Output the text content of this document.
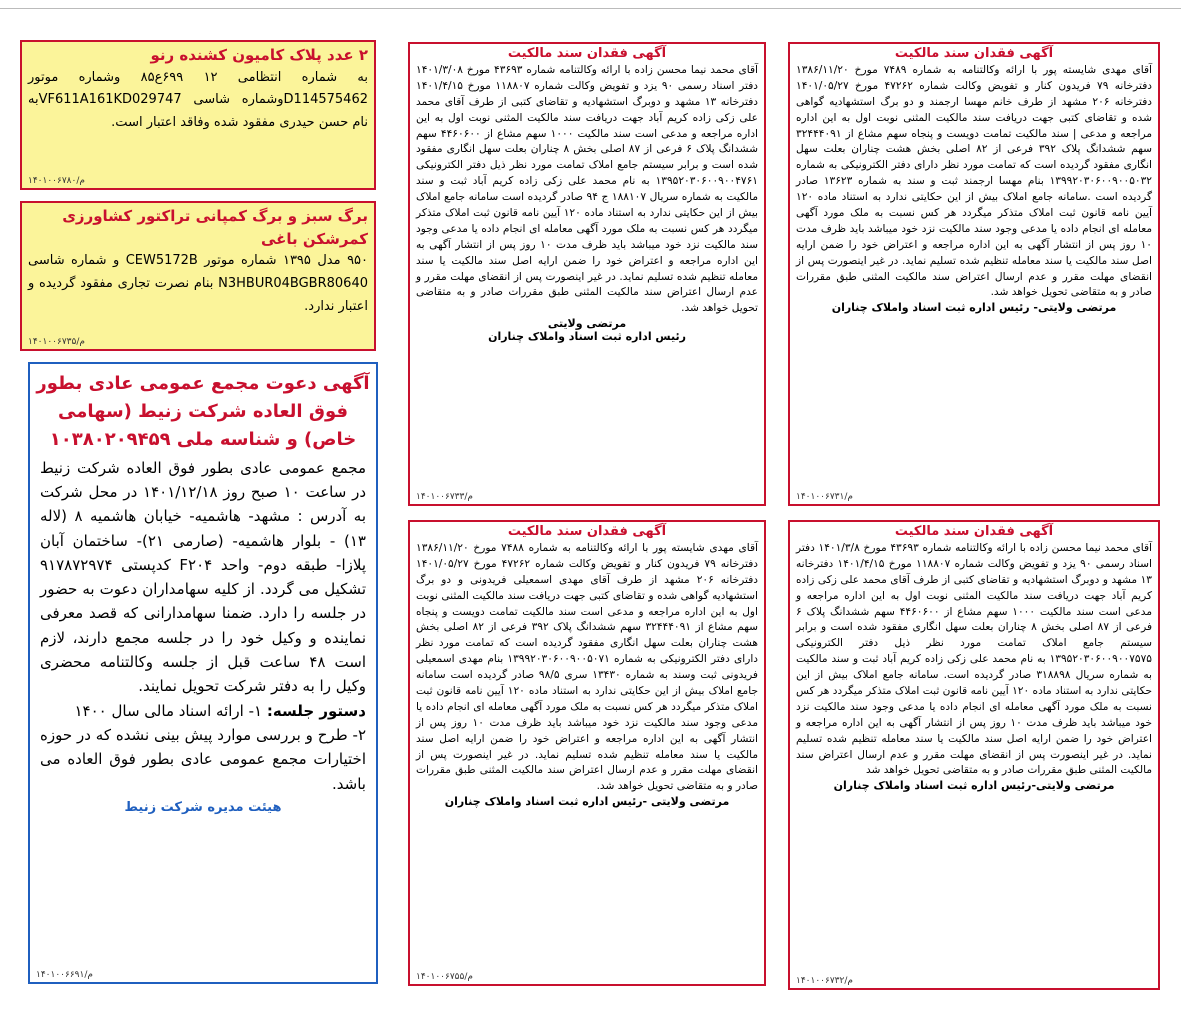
۲ عدد پلاک کامیون کشنده رنو
به شماره انتظامی ۱۲ ۶۹۹ع۸۵ وشماره موتور D114575462وشماره شاسی VF611A161KD029747به نام حسن حیدری مفقود شده وفاقد اعتبار است.
۱۴۰۱۰۰۶۷۸۰/م
برگ سبز و برگ کمپانی تراکتور کشاورزی کمرشکن باغی
۹۵۰ مدل ۱۳۹۵ شماره موتور CEW5172B و شماره شاسی N3HBUR04BGBR80640 بنام نصرت تجاری مفقود گردیده و اعتبار ندارد.
۱۴۰۱۰۰۶۷۳۵/م
آگهی دعوت مجمع عمومی عادی بطور فوق العاده شرکت زنیط (سهامی خاص) و شناسه ملی ۱۰۳۸۰۲۰۹۴۵۹
مجمع عمومی عادی بطور فوق العاده شرکت زنیط در ساعت ۱۰ صبح روز ۱۴۰۱/۱۲/۱۸ در محل شرکت به آدرس : مشهد- هاشمیه- خیابان هاشمیه ۸ (لاله ۱۳) - بلوار هاشمیه- (صارمی ۲۱)- ساختمان آبان پلازا- طبقه دوم- واحد F۲۰۴ کدپستی ۹۱۷۸۷۲۹۷۴ تشکیل می گردد. از کلیه سهامداران دعوت به حضور در جلسه را دارد. ضمنا سهامدارانی که قصد معرفی نماینده و وکیل خود را در جلسه مجمع دارند، لازم است ۴۸ ساعت قبل از جلسه وکالتنامه محضری وکیل را به دفتر شرکت تحویل نمایند.
دستور جلسه: ۱- ارائه اسناد مالی سال ۱۴۰۰
۲- طرح و بررسی موارد پیش بینی نشده که در حوزه اختیارات مجمع عمومی عادی بطور فوق العاده می باشد.
هیئت مدیره شرکت زنیط
۱۴۰۱۰۰۶۶۹۱/م
آگهی فقدان سند مالکیت
آقای محمد نیما محسن زاده با ارائه وکالتنامه شماره ۴۳۶۹۳ مورخ ۱۴۰۱/۳/۰۸ دفتر اسناد رسمی ۹۰ یزد و تفویض وکالت شماره ۱۱۸۸۰۷ مورخ ۱۴۰۱/۴/۱۵ دفترخانه ۱۳ مشهد و دوبرگ استشهادیه و تقاضای کتبی از طرف آقای محمد علی زکی زاده کریم آباد جهت دریافت سند مالکیت المثنی نوبت اول به این اداره مراجعه و مدعی است سند مالکیت ۱۰۰۰ سهم مشاع از ۴۴۶۰۶۰۰ سهم ششدانگ پلاک ۶ فرعی از ۸۷ اصلی بخش ۸ چناران بعلت سهل انگاری مفقود شده است و برابر سیستم جامع املاک تمامت مورد نظر ذیل دفتر الکترونیکی ۱۳۹۵۲۰۳۰۶۰۰۹۰۰۴۷۶۱ به نام محمد علی زکی زاده کریم آباد ثبت و سند مالکیت به شماره سریال ۱۸۸۱۰۷ ج ۹۴ صادر گردیده است سامانه جامع املاک بیش از این حکایتی ندارد به استناد ماده ۱۲۰ آیین نامه قانون ثبت املاک متذکر میگردد هر کس نسبت به ملک مورد آگهی معامله ای انجام داده یا مدعی وجود سند مالکیت نزد خود میباشد باید ظرف مدت ۱۰ روز پس از انتشار آگهی به این اداره مراجعه و اعتراض خود را ضمن ارایه اصل سند مالکیت یا سند معامله تنظیم شده تسلیم نماید. در غیر اینصورت پس از انقضای مهلت مقرر و عدم ارسال اعتراض سند مالکیت المثنی طبق مقررات صادر و به متقاضی تحویل خواهد شد.
مرتضی ولایتی
رئیس اداره ثبت اسناد واملاک چناران
۱۴۰۱۰۰۶۷۳۳/م
آگهی فقدان سند مالکیت
آقای مهدی شایسته پور با ارائه وکالتنامه به شماره ۷۴۸۹ مورخ ۱۳۸۶/۱۱/۲۰ دفترخانه ۷۹ فریدون کنار و تفویض وکالت شماره ۴۷۲۶۲ مورخ ۱۴۰۱/۰۵/۲۷ دفترخانه ۲۰۶ مشهد از طرف خانم مهسا ارجمند و دو برگ استشهادیه گواهی شده و تقاضای کتبی جهت دریافت سند مالکیت المثنی نوبت اول به این اداره مراجعه و مدعی | سند مالکیت تمامت دویست و پنجاه سهم مشاع از ۳۲۴۴۴۰۹۱ سهم ششدانگ پلاک ۳۹۲ فرعی از ۸۲ اصلی بخش هشت چناران بعلت سهل انگاری مفقود گردیده است که تمامت مورد نظر دارای دفتر الکترونیکی به شماره ۱۳۹۹۲۰۳۰۶۰۰۹۰۰۵۰۳۲ بنام مهسا ارجمند ثبت و سند به شماره ۱۳۶۲۳ صادر گردیده است .سامانه جامع املاک بیش از این حکایتی ندارد به استناد ماده ۱۲۰ آیین نامه قانون ثبت املاک متذکر میگردد هر کس نسبت به ملک مورد آگهی معامله ای انجام داده یا مدعی وجود سند مالکیت نزد خود میباشد باید ظرف مدت ۱۰ روز پس از انتشار آگهی به این اداره مراجعه و اعتراض خود را ضمن ارایه اصل سند مالکیت یا سند معامله تنظیم شده تسلیم نماید. در غیر اینصورت پس از انقضای مهلت مقرر و عدم ارسال اعتراض سند مالکیت المثنی طبق مقررات صادر و به متقاضی تحویل خواهد شد.
مرتضی ولایتی- رئیس اداره ثبت اسناد واملاک چناران
۱۴۰۱۰۰۶۷۳۱/م
آگهی فقدان سند مالکیت
آقای مهدی شایسته پور با ارائه وکالتنامه به شماره ۷۴۸۸ مورخ ۱۳۸۶/۱۱/۲۰ دفترخانه ۷۹ فریدون کنار و تفویض وکالت شماره ۴۷۲۶۲ مورخ ۱۴۰۱/۰۵/۲۷ دفترخانه ۲۰۶ مشهد از طرف آقای مهدی اسمعیلی فریدونی و دو برگ استشهادیه گواهی شده و تقاضای کتبی جهت دریافت سند مالکیت المثنی نوبت اول به این اداره مراجعه و مدعی است سند مالکیت تمامت دویست و پنجاه سهم مشاع از ۳۲۴۴۴۰۹۱ سهم ششدانگ پلاک ۳۹۲ فرعی از ۸۲ اصلی بخش هشت چناران بعلت سهل انگاری مفقود گردیده است که تمامت مورد نظر دارای دفتر الکترونیکی به شماره ۱۳۹۹۲۰۳۰۶۰۰۹۰۰۵۰۷۱ بنام مهدی اسمعیلی فریدونی ثبت وسند به شماره ۱۳۴۳۰ سری ۹۸/۵ صادر گردیده است سامانه جامع املاک بیش از این حکایتی ندارد به استناد ماده ۱۲۰ آیین نامه قانون ثبت املاک متذکر میگردد هر کس نسبت به ملک مورد آگهی معامله ای انجام داده یا مدعی وجود سند مالکیت نزد خود میباشد باید ظرف مدت ۱۰ روز پس از انتشار آگهی به این اداره مراجعه و اعتراض خود را ضمن ارایه اصل سند مالکیت یا سند معامله تنظیم شده تسلیم نماید. در غیر اینصورت پس از انقضای مهلت مقرر و عدم ارسال اعتراض سند مالکیت المثنی طبق مقررات صادر و به متقاضی تحویل خواهد شد.
مرتضی ولایتی -رئیس اداره ثبت اسناد واملاک چناران
۱۴۰۱۰۰۶۷۵۵/م
آگهی فقدان سند مالکیت
آقای محمد نیما محسن زاده با ارائه وکالتنامه شماره ۴۳۶۹۳ مورخ ۱۴۰۱/۳/۸ دفتر اسناد رسمی ۹۰ یزد و تفویض وکالت شماره ۱۱۸۸۰۷ مورخ ۱۴۰۱/۴/۱۵ دفترخانه ۱۳ مشهد و دوبرگ استشهادیه و تقاضای کتبی از طرف آقای محمد علی زکی زاده کریم آباد جهت دریافت سند مالکیت المثنی نوبت اول به این اداره مراجعه و مدعی است سند مالکیت ۱۰۰۰ سهم مشاع از ۴۴۶۰۶۰۰ سهم ششدانگ پلاک ۶ فرعی از ۸۷ اصلی بخش ۸ چناران بعلت سهل انگاری مفقود شده است و برابر سیستم جامع املاک تمامت مورد نظر ذیل دفتر الکترونیکی ۱۳۹۵۲۰۳۰۶۰۰۹۰۰۷۵۷۵ به نام محمد علی زکی زاده کریم آباد ثبت و سند مالکیت به شماره سریال ۳۱۸۸۹۸ صادر گردیده است. سامانه جامع املاک بیش از این حکایتی ندارد به استناد ماده ۱۲۰ آیین نامه قانون ثبت املاک متذکر میگردد هر کس نسبت به ملک مورد آگهی معامله ای انجام داده یا مدعی وجود سند مالکیت نزد خود میباشد باید ظرف مدت ۱۰ روز پس از انتشار آگهی به این اداره مراجعه و اعتراض خود را ضمن ارایه اصل سند مالکیت یا سند معامله تنظیم شده تسلیم نماید. در غیر اینصورت پس از انقضای مهلت مقرر و عدم ارسال اعتراض سند مالکیت المثنی طبق مقررات صادر و به متقاضی تحویل خواهد شد
مرتضی ولایتی-رئیس اداره ثبت اسناد واملاک چناران
۱۴۰۱۰۰۶۷۳۲/م
